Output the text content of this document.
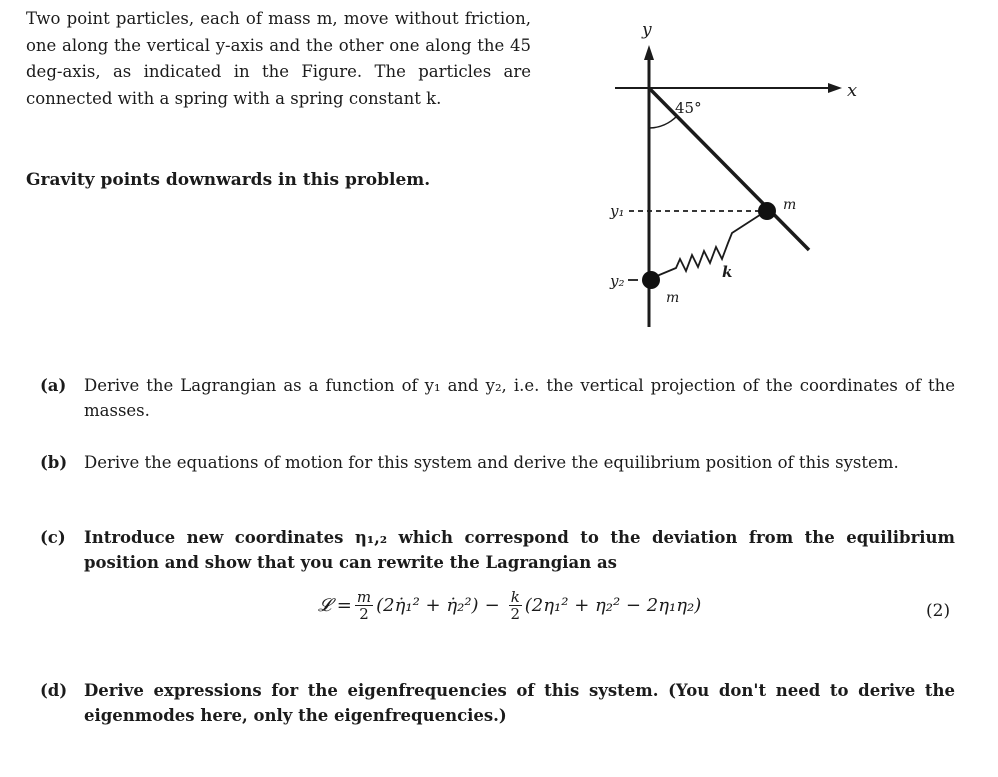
Two point particles, each of mass m, move without friction, one along the vertical y-axis and the other one along the 45 deg-axis, as indicated in the Figure. The particles are connected with a spring with a spring constant k.
Gravity points downwards in this problem.
x
y
45°
y₁
y₂	k
m
m
(a) Derive the Lagrangian as a function of y₁ and y₂, i.e. the vertical projection of the coordinates of the masses.
(b) Derive the equations of motion for this system and derive the equilibrium position of this system.
(c) Introduce new coordinates η₁,₂ which correspond to the deviation from the equilibrium position and show that you can rewrite the Lagrangian as
𝓛 = $\frac{m}{2}$ (2η̇₁² + η̇₂²) − $\frac{k}{2} (2\eta_1^2 + \eta_2^2 - 2\eta_1\eta_2)$	(2)
(d) Derive expressions for the eigenfrequencies of this system. (You don't need to derive the eigenmodes here, only the eigenfrequencies.)
